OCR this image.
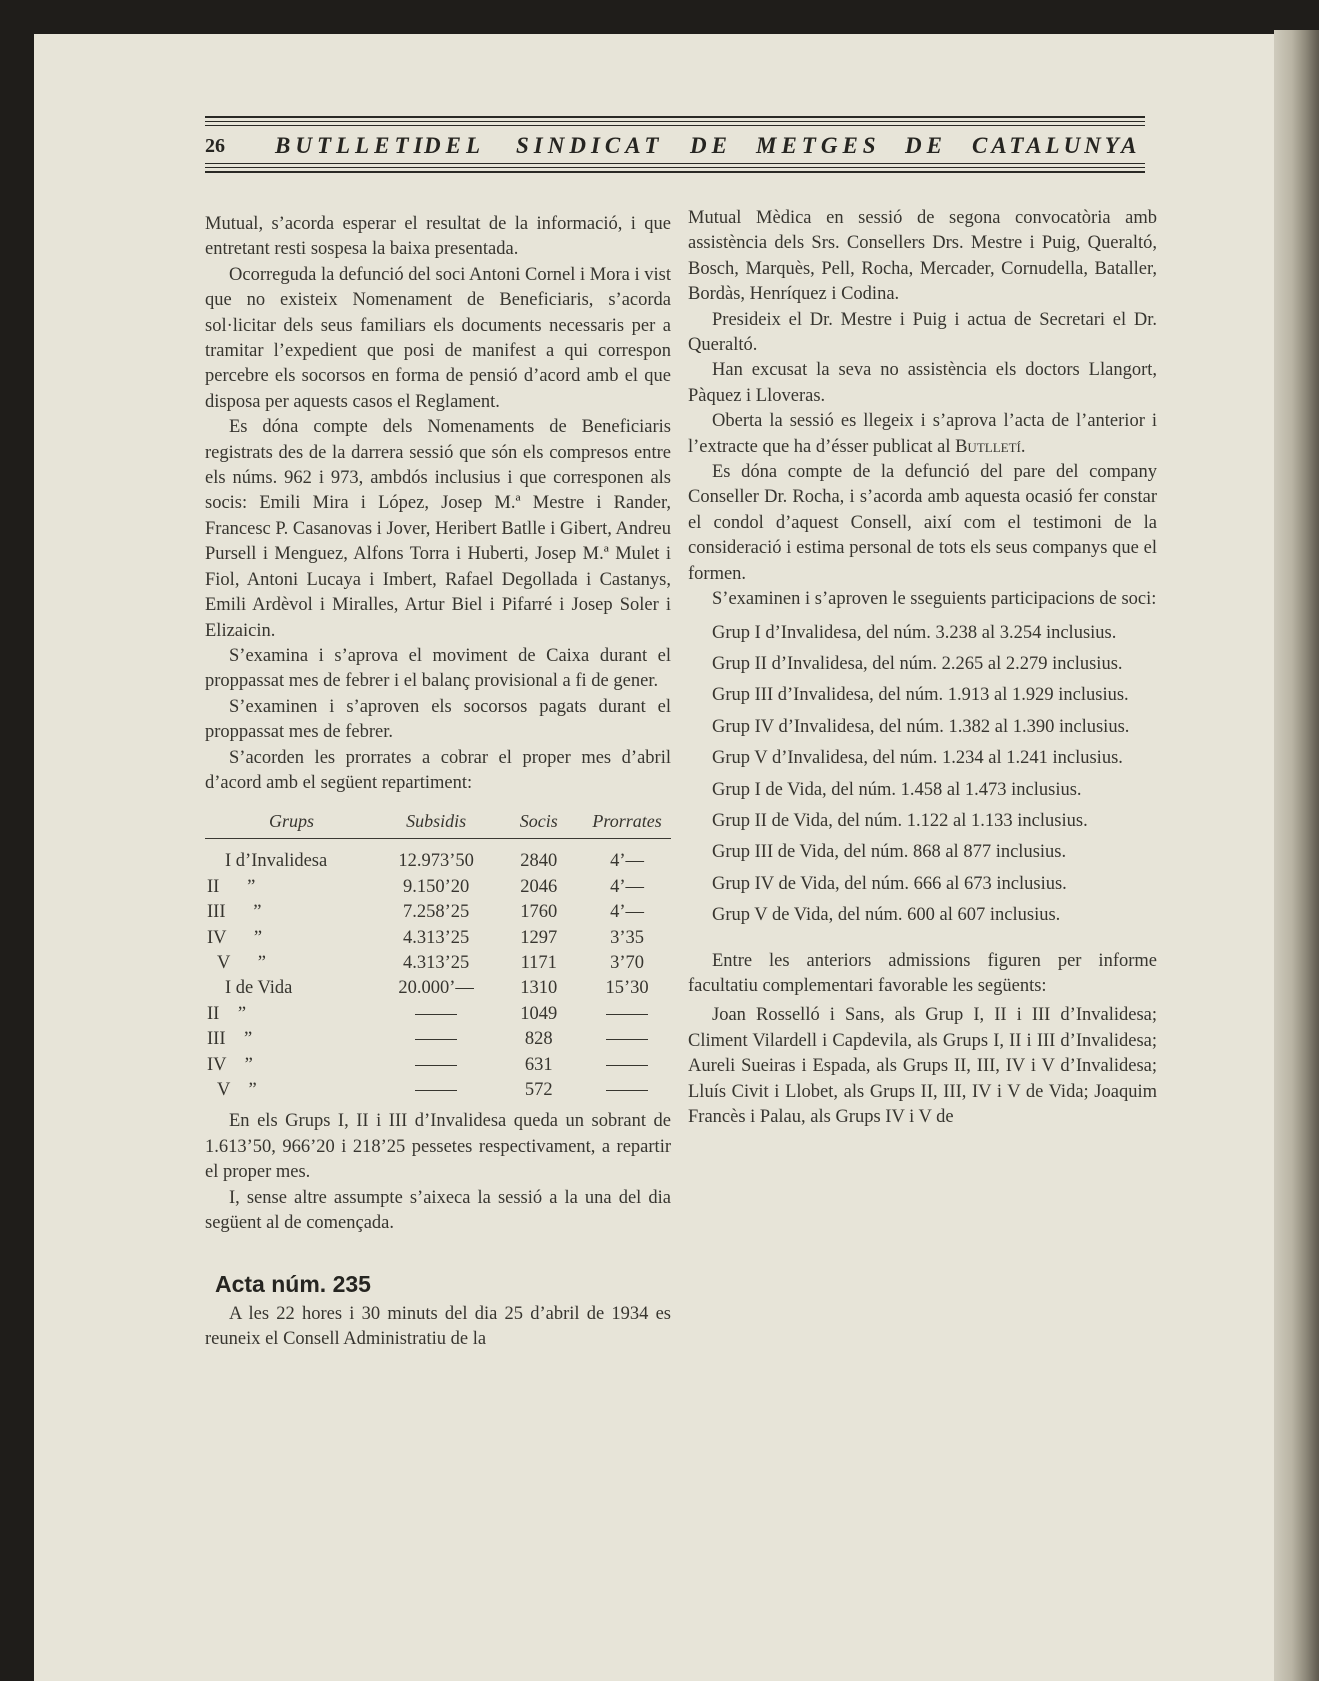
26 BUTLLETI
DEL SINDICAT DE METGES DE CATALUNYA

Mutual, s’acorda esperar el resultat de la informació, i que entretant resti sospesa la baixa presentada.

Ocorreguda la defunció del soci Antoni Cornel i Mora i vist que no existeix Nomenament de Beneficiaris, s’acorda sol·licitar dels seus familiars els documents necessaris per a tramitar l’expedient que posi de manifest a qui correspon percebre els socorsos en forma de pensió d’acord amb el que disposa per aquests casos el Reglament.

Es dóna compte dels Nomenaments de Beneficiaris registrats des de la darrera sessió que són els compresos entre els núms. 962 i 973, ambdós inclusius i que corresponen als socis: Emili Mira i López, Josep M.ª Mestre i Rander, Francesc P. Casanovas i Jover, Heribert Batlle i Gibert, Andreu Pursell i Menguez, Alfons Torra i Huberti, Josep M.ª Mulet i Fiol, Antoni Lucaya i Imbert, Rafael Degollada i Castanys, Emili Ardèvol i Miralles, Artur Biel i Pifarré i Josep Soler i Elizaicin.

S’examina i s’aprova el moviment de Caixa durant el proppassat mes de febrer i el balanç provisional a fi de gener.

S’examinen i s’aproven els socorsos pagats durant el proppassat mes de febrer.

S’acorden les prorrates a cobrar el proper mes d’abril d’acord amb el següent repartiment:

Grups	Subsidis	Socis	Prorrates
I d’Invalidesa	12.973’50	2840	4’—
II      ”	9.150’20	2046	4’—
III      ”	7.258’25	1760	4’—
IV      ”	4.313’25	1297	3’35
V      ”	4.313’25	1171	3’70
I de Vida	20.000’—	1310	15’30
II    ”		1049	
III    ”		828	
IV    ”		631	
V    ”		572	

En els Grups I, II i III d’Invalidesa queda un sobrant de 1.613’50, 966’20 i 218’25 pessetes respectivament, a repartir el proper mes.

I, sense altre assumpte s’aixeca la sessió a la una del dia següent al de començada.

Acta núm. 235

A les 22 hores i 30 minuts del dia 25 d’abril de 1934 es reuneix el Consell Administratiu de la

Mutual Mèdica en sessió de segona convocatòria amb assistència dels Srs. Consellers Drs. Mestre i Puig, Queraltó, Bosch, Marquès, Pell, Rocha, Mercader, Cornudella, Bataller, Bordàs, Henríquez i Codina.

Presideix el Dr. Mestre i Puig i actua de Secretari el Dr. Queraltó.

Han excusat la seva no assistència els doctors Llangort, Pàquez i Lloveras.

Oberta la sessió es llegeix i s’aprova l’acta de l’anterior i l’extracte que ha d’ésser publicat al Butlletí.

Es dóna compte de la defunció del pare del company Conseller Dr. Rocha, i s’acorda amb aquesta ocasió fer constar el condol d’aquest Consell, així com el testimoni de la consideració i estima personal de tots els seus companys que el formen.

S’examinen i s’aproven le sseguients participacions de soci:

Grup I d’Invalidesa, del núm. 3.238 al 3.254 inclusius.

Grup II d’Invalidesa, del núm. 2.265 al 2.279 inclusius.

Grup III d’Invalidesa, del núm. 1.913 al 1.929 inclusius.

Grup IV d’Invalidesa, del núm. 1.382 al 1.390 inclusius.

Grup V d’Invalidesa, del núm. 1.234 al 1.241 inclusius.

Grup I de Vida, del núm. 1.458 al 1.473 inclusius.

Grup II de Vida, del núm. 1.122 al 1.133 inclusius.

Grup III de Vida, del núm. 868 al 877 inclusius.

Grup IV de Vida, del núm. 666 al 673 inclusius.

Grup V de Vida, del núm. 600 al 607 inclusius.

Entre les anteriors admissions figuren per informe facultatiu complementari favorable les següents:

Joan Rosselló i Sans, als Grup I, II i III d’Invalidesa; Climent Vilardell i Capdevila, als Grups I, II i III d’Invalidesa; Aureli Sueiras i Espada, als Grups II, III, IV i V d’Invalidesa; Lluís Civit i Llobet, als Grups II, III, IV i V de Vida; Joaquim Francès i Palau, als Grups IV i V de
